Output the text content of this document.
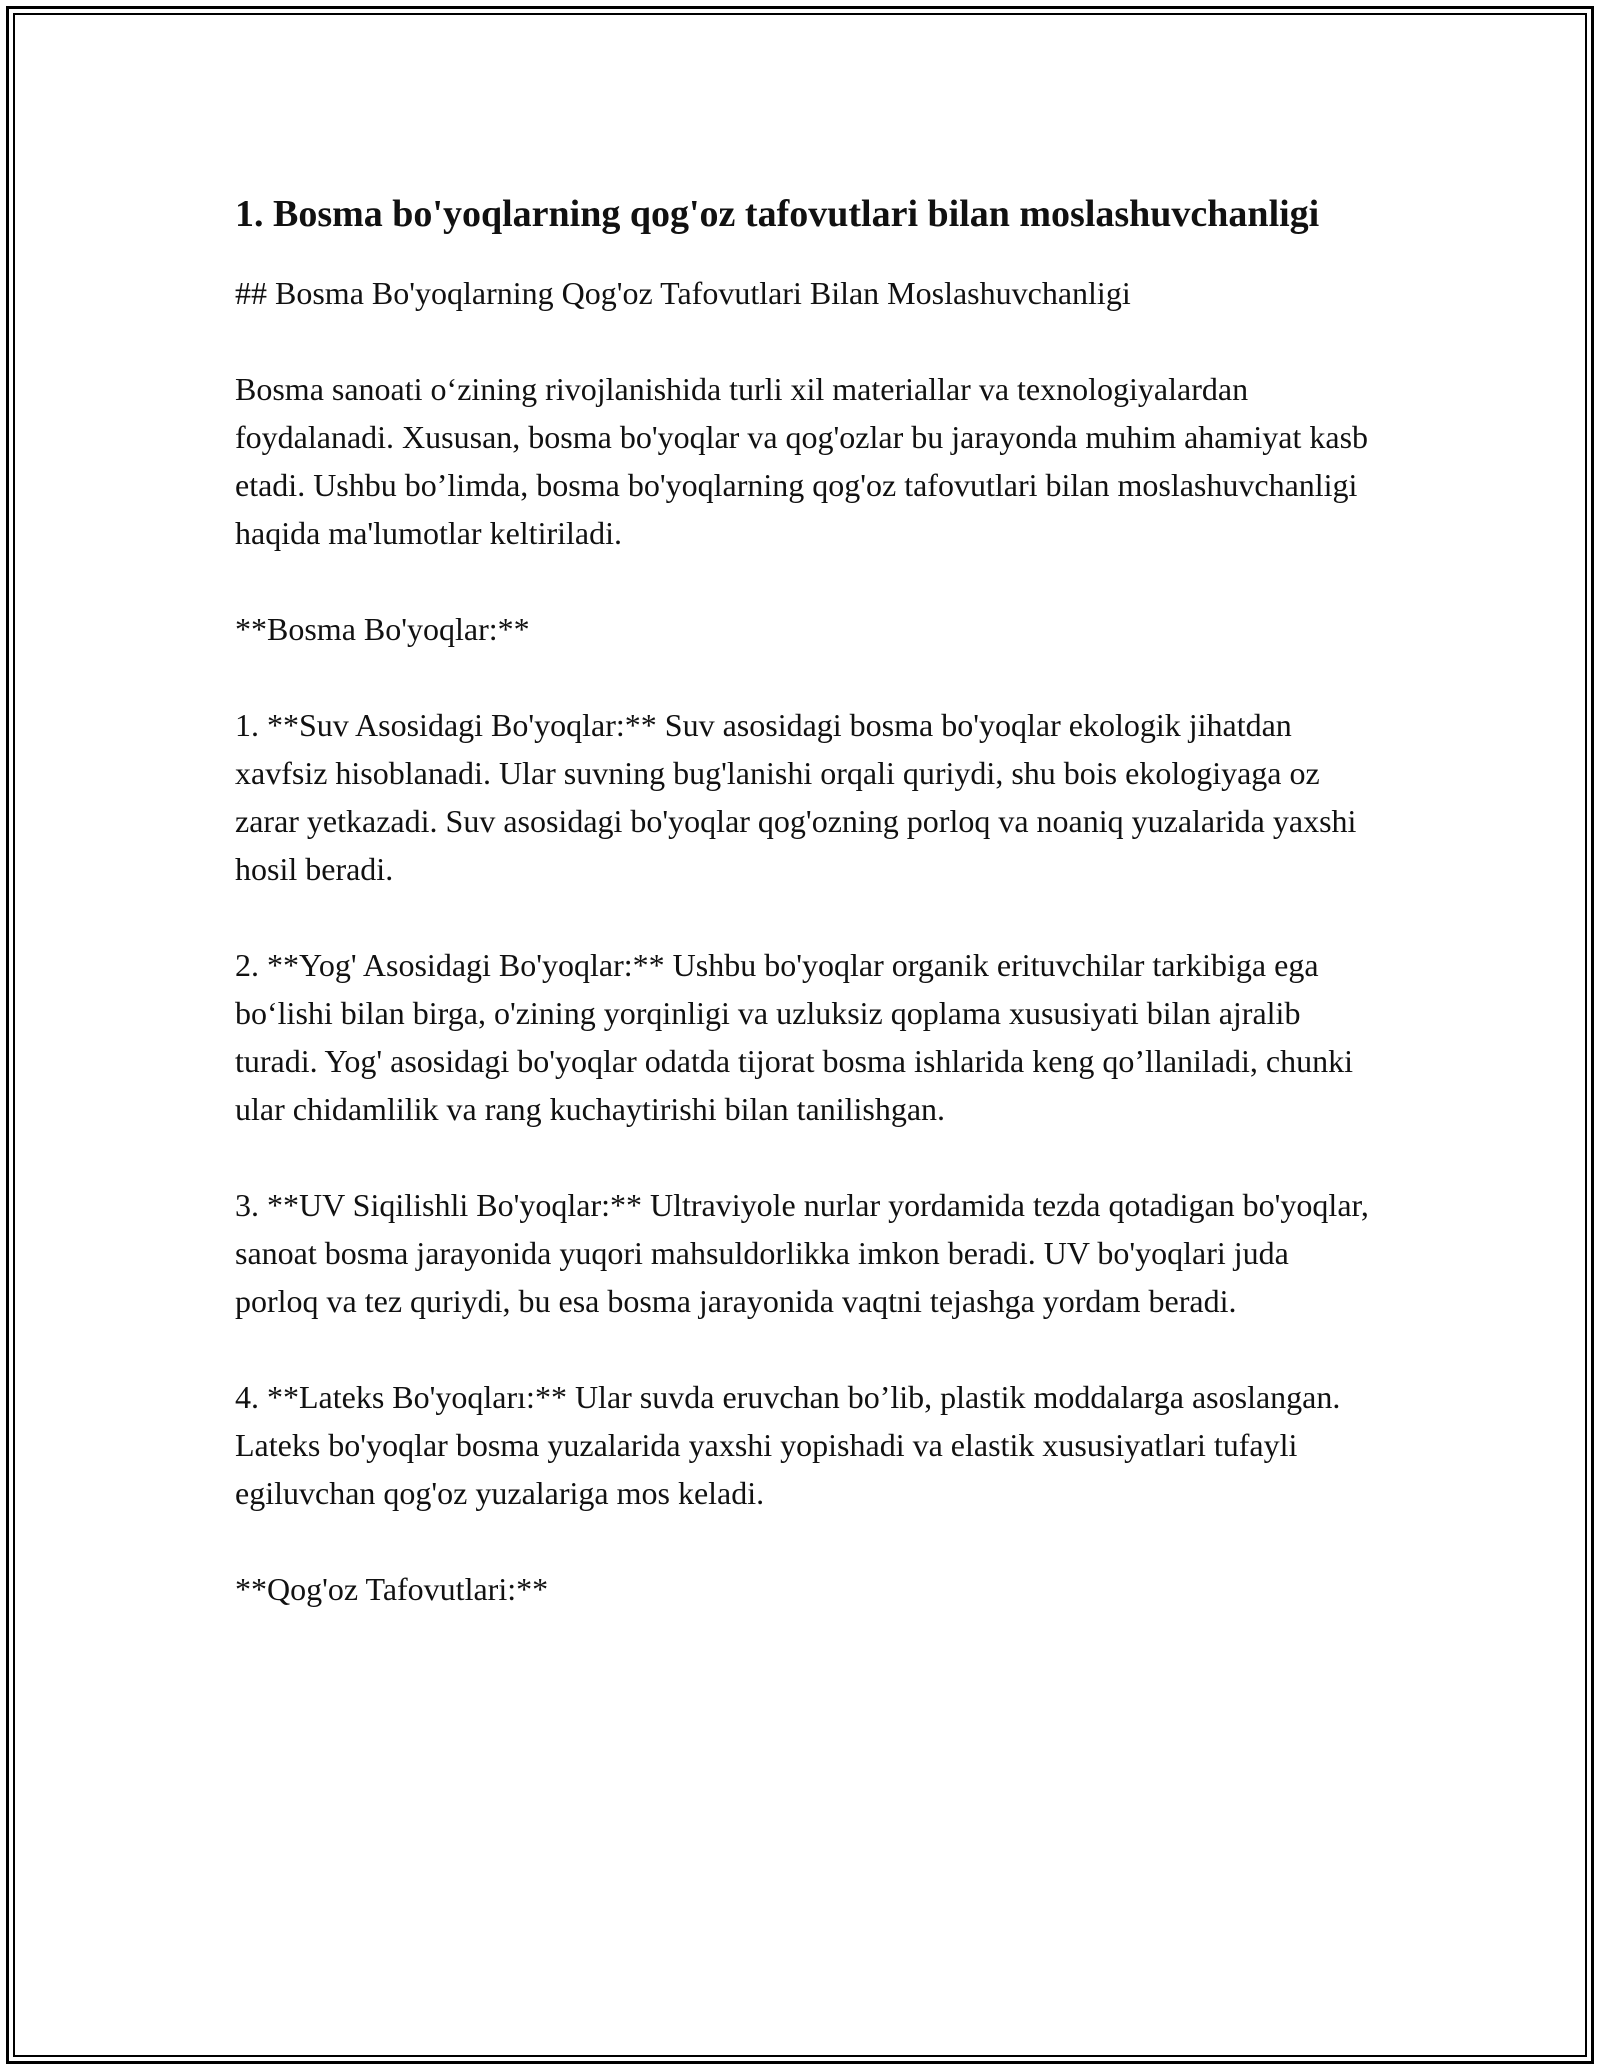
1. Bosma bo'yoqlarning qog'oz tafovutlari bilan moslashuvchanligi

## Bosma Bo'yoqlarning Qog'oz Tafovutlari Bilan Moslashuvchanligi

Bosma sanoati o‘zining rivojlanishida turli xil materiallar va texnologiyalardan foydalanadi. Xususan, bosma bo'yoqlar va qog'ozlar bu jarayonda muhim ahamiyat kasb etadi. Ushbu bo’limda, bosma bo'yoqlarning qog'oz tafovutlari bilan moslashuvchanligi haqida ma'lumotlar keltiriladi.

**Bosma Bo'yoqlar:**

1. **Suv Asosidagi Bo'yoqlar:** Suv asosidagi bosma bo'yoqlar ekologik jihatdan xavfsiz hisoblanadi. Ular suvning bug'lanishi orqali quriydi, shu bois ekologiyaga oz zarar yetkazadi. Suv asosidagi bo'yoqlar qog'ozning porloq va noaniq yuzalarida yaxshi hosil beradi.

2. **Yog' Asosidagi Bo'yoqlar:** Ushbu bo'yoqlar organik erituvchilar tarkibiga ega bo‘lishi bilan birga, o'zining yorqinligi va uzluksiz qoplama xususiyati bilan ajralib turadi. Yog' asosidagi bo'yoqlar odatda tijorat bosma ishlarida keng qo’llaniladi, chunki ular chidamlilik va rang kuchaytirishi bilan tanilishgan.

3. **UV Siqilishli Bo'yoqlar:** Ultraviyole nurlar yordamida tezda qotadigan bo'yoqlar, sanoat bosma jarayonida yuqori mahsuldorlikka imkon beradi. UV bo'yoqlari juda porloq va tez quriydi, bu esa bosma jarayonida vaqtni tejashga yordam beradi.

4. **Lateks Bo'yoqları:** Ular suvda eruvchan bo’lib, plastik moddalarga asoslangan. Lateks bo'yoqlar bosma yuzalarida yaxshi yopishadi va elastik xususiyatlari tufayli egiluvchan qog'oz yuzalariga mos keladi.

**Qog'oz Tafovutlari:**
